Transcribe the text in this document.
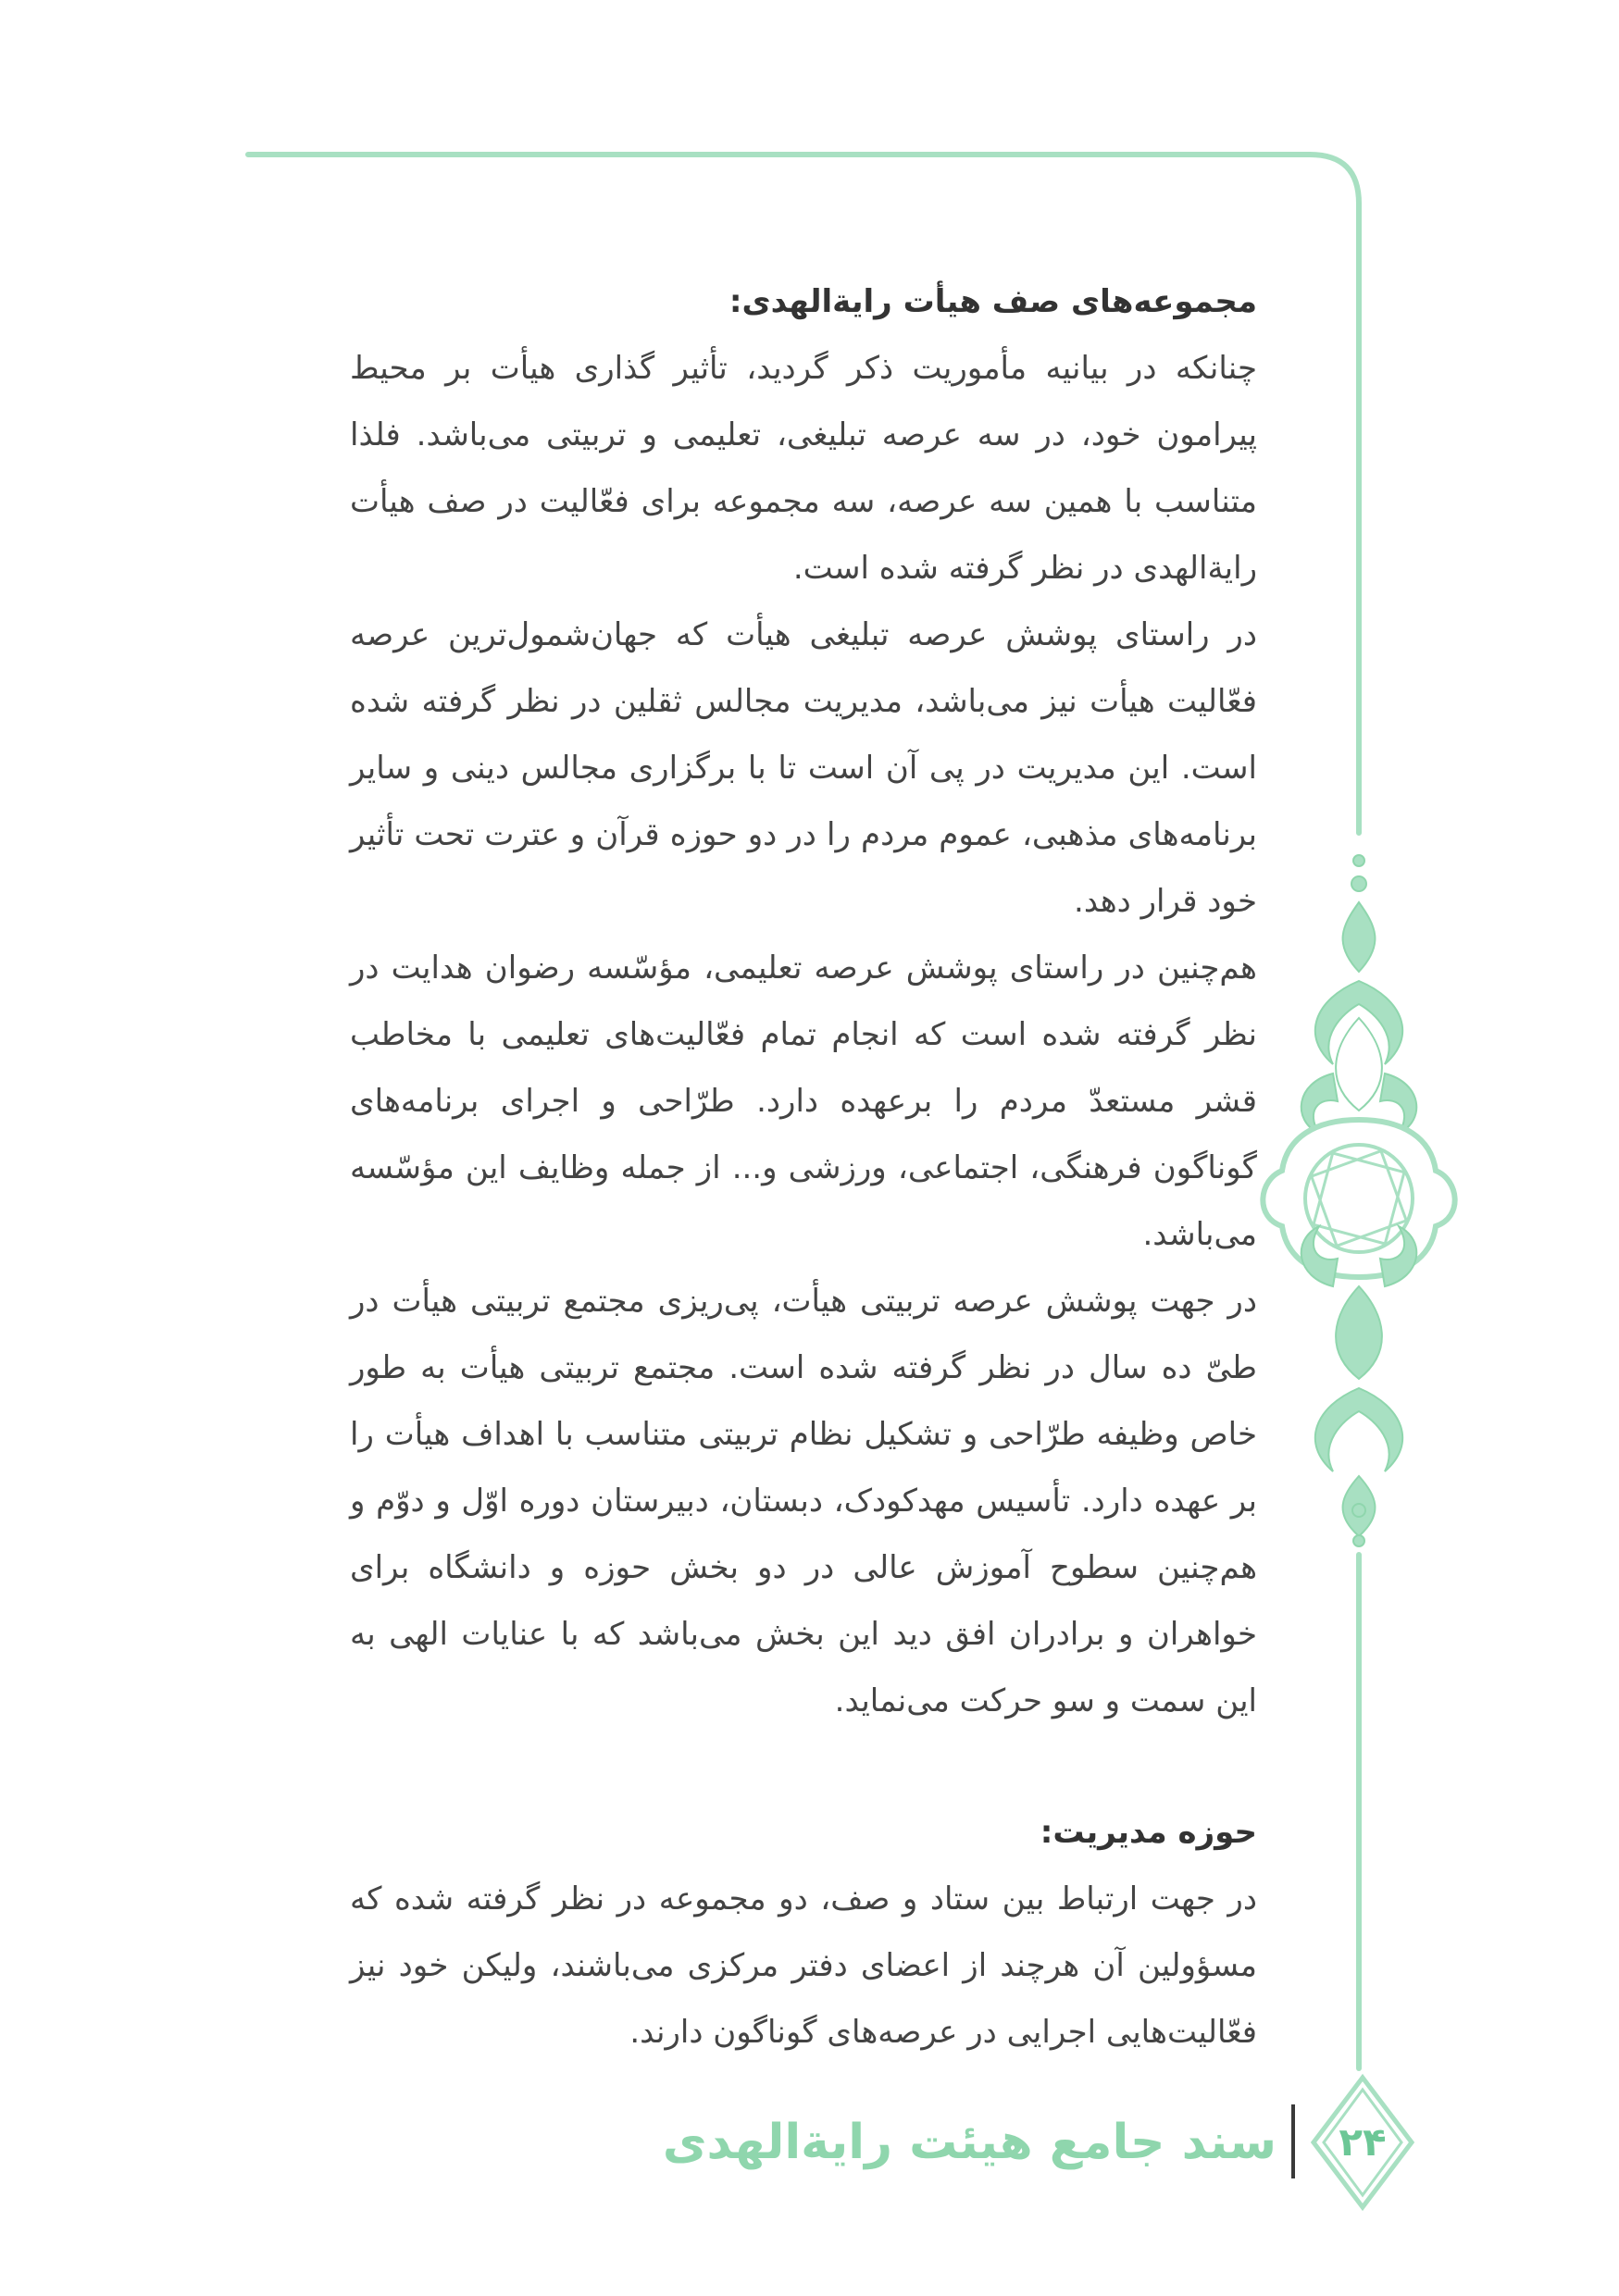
مجموعه‌های صف هیأت رایة‌الهدی:

چنانکه در بیانیه مأموریت ذکر گردید، تأثیر گذاری هیأت بر محیط پیرامون خود، در سه عرصه تبلیغی، تعلیمی و تربیتی می‌باشد. فلذا متناسب با همین سه عرصه، سه مجموعه برای فعّالیت در صف هیأت رایة‌الهدی در نظر گرفته شده است.

در راستای پوشش عرصه تبلیغی هیأت که جهان‌شمول‌ترین عرصه فعّالیت هیأت نیز می‌باشد، مدیریت مجالس ثقلین در نظر گرفته شده است. این مدیریت در پی آن است تا با برگزاری مجالس دینی و سایر برنامه‌های مذهبی، عموم مردم را در دو حوزه قرآن و عترت تحت تأثیر خود قرار دهد.

هم‌چنین در راستای پوشش عرصه تعلیمی، مؤسّسه رضوان هدایت در نظر گرفته شده است که انجام تمام فعّالیت‌های تعلیمی با مخاطب قشر مستعدّ مردم را برعهده دارد. طرّاحی و اجرای برنامه‌های گوناگون فرهنگی، اجتماعی، ورزشی و... از جمله وظایف این مؤسّسه می‌باشد.

در جهت پوشش عرصه تربیتی هیأت، پی‌ریزی مجتمع تربیتی هیأت در طیّ ده سال در نظر گرفته شده است. مجتمع تربیتی هیأت به طور خاص وظیفه طرّاحی و تشکیل نظام تربیتی متناسب با اهداف هیأت را بر عهده دارد. تأسیس مهدکودک، دبستان، دبیرستان دوره اوّل و دوّم و هم‌چنین سطوح آموزش عالی در دو بخش حوزه و دانشگاه برای خواهران و برادران افق دید این بخش می‌باشد که با عنایات الهی به این سمت و سو حرکت می‌نماید.

حوزه مدیریت:

در جهت ارتباط بین ستاد و صف، دو مجموعه در نظر گرفته شده که مسؤولین آن هرچند از اعضای دفتر مرکزی می‌باشند، ولیکن خود نیز فعّالیت‌هایی اجرایی در عرصه‌های گوناگون دارند.

سند جامع هیئت رایة‌الهدی	۲۴
